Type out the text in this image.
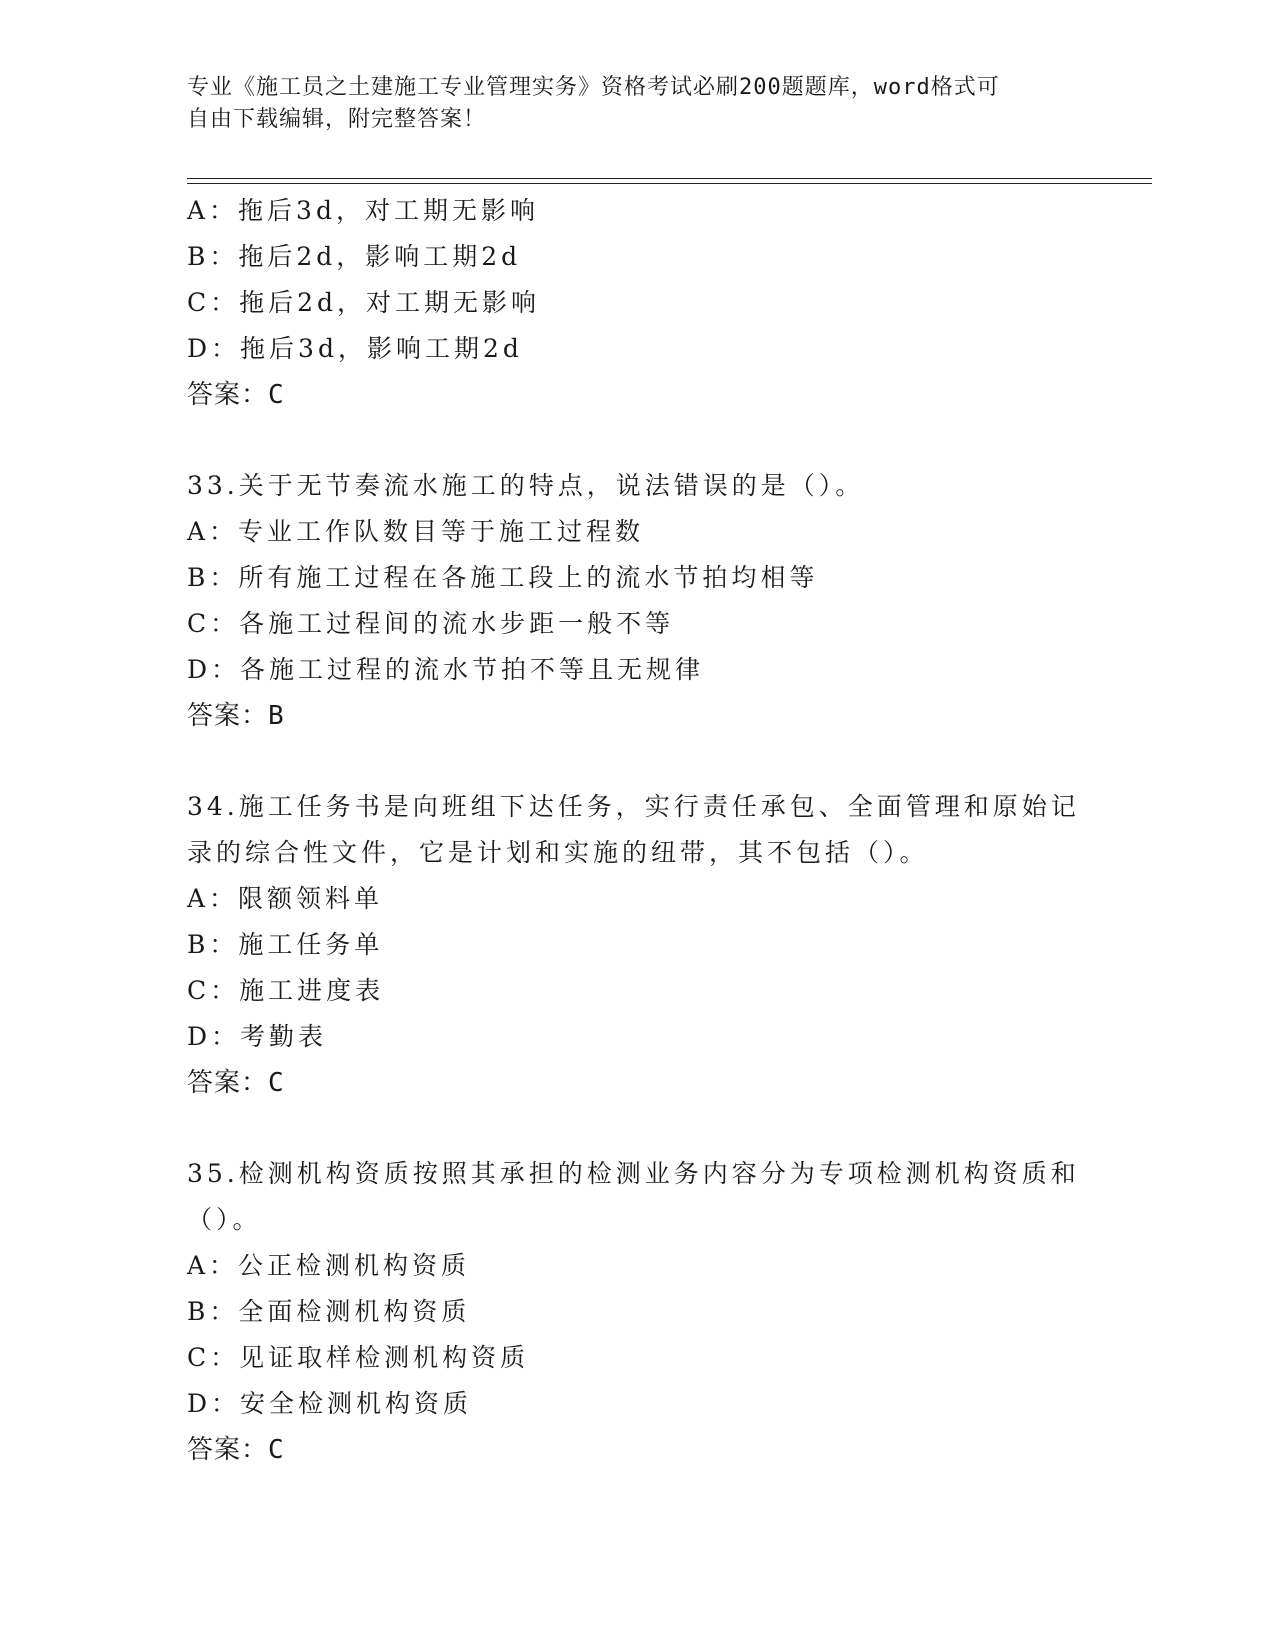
专业《施工员之土建施工专业管理实务》资格考试必刷200题题库，word格式可
自由下载编辑，附完整答案！
A：拖后3d，对工期无影响
B：拖后2d，影响工期2d
C：拖后2d，对工期无影响
D：拖后3d，影响工期2d
答案：C
33.关于无节奏流水施工的特点，说法错误的是（）。
A：专业工作队数目等于施工过程数
B：所有施工过程在各施工段上的流水节拍均相等
C：各施工过程间的流水步距一般不等
D：各施工过程的流水节拍不等且无规律
答案：B
34.施工任务书是向班组下达任务，实行责任承包、全面管理和原始记
录的综合性文件，它是计划和实施的纽带，其不包括（）。
A：限额领料单
B：施工任务单
C：施工进度表
D：考勤表
答案：C
35.检测机构资质按照其承担的检测业务内容分为专项检测机构资质和
（）。
A：公正检测机构资质
B：全面检测机构资质
C：见证取样检测机构资质
D：安全检测机构资质
答案：C
